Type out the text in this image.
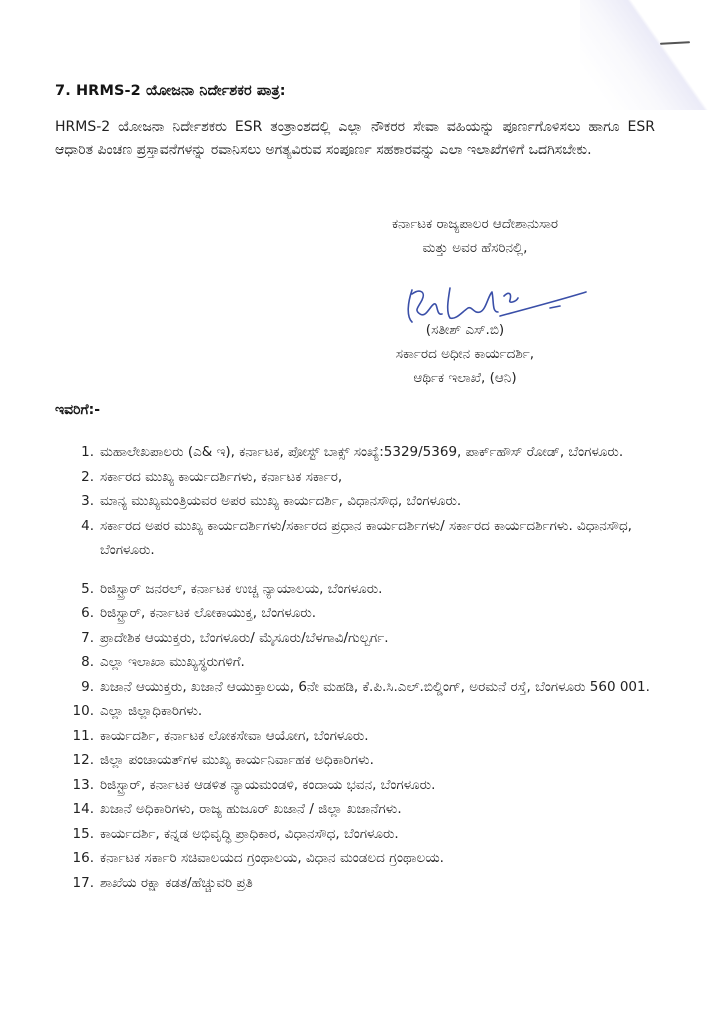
7. HRMS-2 ಯೋಜನಾ ನಿರ್ದೇಶಕರ ಪಾತ್ರ:
HRMS-2 ಯೋಜನಾ ನಿರ್ದೇಶಕರು ESR ತಂತ್ರಾಂಶದಲ್ಲಿ ಎಲ್ಲಾ ನೌಕರರ ಸೇವಾ ವಹಿಯನ್ನು ಪೂರ್ಣಗೊಳಿಸಲು ಹಾಗೂ ESR ಆಧಾರಿತ ಪಿಂಚಣ ಪ್ರಸ್ತಾವನೆಗಳನ್ನು ರವಾನಿಸಲು ಅಗತ್ಯವಿರುವ ಸಂಪೂರ್ಣ ಸಹಕಾರವನ್ನು ಎಲಾ ಇಲಾಖೆಗಳಿಗೆ ಒದಗಿಸಬೇಕು.
ಕರ್ನಾಟಕ ರಾಜ್ಯಪಾಲರ ಆದೇಶಾನುಸಾರ
ಮತ್ತು ಅವರ ಹೆಸರಿನಲ್ಲಿ,
(ಸತೀಶ್ ಎಸ್.ಬಿ)
ಸರ್ಕಾರದ ಅಧೀನ ಕಾರ್ಯದರ್ಶಿ,
ಆರ್ಥಿಕ ಇಲಾಖೆ, (ಆನಿ)
ಇವರಿಗೆ:-
1. ಮಹಾಲೇಖಪಾಲರು (ಎ& ಇ), ಕರ್ನಾಟಕ, ಪೋಸ್ಟ್ ಬಾಕ್ಸ್ ಸಂಖ್ಯೆ:5329/5369, ಪಾರ್ಕ್‌ಹೌಸ್ ರೋಡ್, ಬೆಂಗಳೂರು.
2. ಸರ್ಕಾರದ ಮುಖ್ಯ ಕಾರ್ಯದರ್ಶಿಗಳು, ಕರ್ನಾಟಕ ಸರ್ಕಾರ,
3. ಮಾನ್ಯ ಮುಖ್ಯಮಂತ್ರಿಯವರ ಅಪರ ಮುಖ್ಯ ಕಾರ್ಯದರ್ಶಿ, ವಿಧಾನಸೌಧ, ಬೆಂಗಳೂರು.
4. ಸರ್ಕಾರದ ಅಪರ ಮುಖ್ಯ ಕಾರ್ಯದರ್ಶಿಗಳು/ಸರ್ಕಾರದ ಪ್ರಧಾನ ಕಾರ್ಯದರ್ಶಿಗಳು/ ಸರ್ಕಾರದ ಕಾರ್ಯದರ್ಶಿಗಳು. ವಿಧಾನಸೌಧ, ಬೆಂಗಳೂರು.
5. ರಿಜಿಸ್ಟ್ರಾರ್ ಜನರಲ್, ಕರ್ನಾಟಕ ಉಚ್ಚ ನ್ಯಾಯಾಲಯ, ಬೆಂಗಳೂರು.
6. ರಿಜಿಸ್ಟ್ರಾರ್, ಕರ್ನಾಟಕ ಲೋಕಾಯುಕ್ತ, ಬೆಂಗಳೂರು.
7. ಪ್ರಾದೇಶಿಕ ಆಯುಕ್ತರು, ಬೆಂಗಳೂರು/ ಮೈಸೂರು/ಬೆಳಗಾವಿ/ಗುಲ್ಬರ್ಗ.
8. ಎಲ್ಲಾ ಇಲಾಖಾ ಮುಖ್ಯಸ್ಥರುಗಳಿಗೆ.
9. ಖಜಾನೆ ಆಯುಕ್ತರು, ಖಜಾನೆ ಆಯುಕ್ತಾಲಯ, 6ನೇ ಮಹಡಿ, ಕೆ.ಪಿ.ಸಿ.ಎಲ್.ಬಿಲ್ಡಿಂಗ್, ಅರಮನೆ ರಸ್ತೆ, ಬೆಂಗಳೂರು 560 001.
10. ಎಲ್ಲಾ ಜಿಲ್ಲಾಧಿಕಾರಿಗಳು.
11. ಕಾರ್ಯದರ್ಶಿ, ಕರ್ನಾಟಕ ಲೋಕಸೇವಾ ಆಯೋಗ, ಬೆಂಗಳೂರು.
12. ಜಿಲ್ಲಾ ಪಂಚಾಯತ್‌ಗಳ ಮುಖ್ಯ ಕಾರ್ಯನಿರ್ವಾಹಕ ಅಧಿಕಾರಿಗಳು.
13. ರಿಜಿಸ್ಟ್ರಾರ್, ಕರ್ನಾಟಕ ಆಡಳಿತ ನ್ಯಾಯಮಂಡಳಿ, ಕಂದಾಯ ಭವನ, ಬೆಂಗಳೂರು.
14. ಖಜಾನೆ ಅಧಿಕಾರಿಗಳು, ರಾಜ್ಯ ಹುಜೂರ್ ಖಜಾನೆ / ಜಿಲ್ಲಾ ಖಜಾನೆಗಳು.
15. ಕಾರ್ಯದರ್ಶಿ, ಕನ್ನಡ ಅಭಿವೃದ್ಧಿ ಪ್ರಾಧಿಕಾರ, ವಿಧಾನಸೌಧ, ಬೆಂಗಳೂರು.
16. ಕರ್ನಾಟಕ ಸರ್ಕಾರಿ ಸಚಿವಾಲಯದ ಗ್ರಂಥಾಲಯ, ವಿಧಾನ ಮಂಡಲದ ಗ್ರಂಥಾಲಯ.
17. ಶಾಖೆಯ ರಕ್ಷಾ ಕಡತ/ಹೆಚ್ಚುವರಿ ಪ್ರತಿ
